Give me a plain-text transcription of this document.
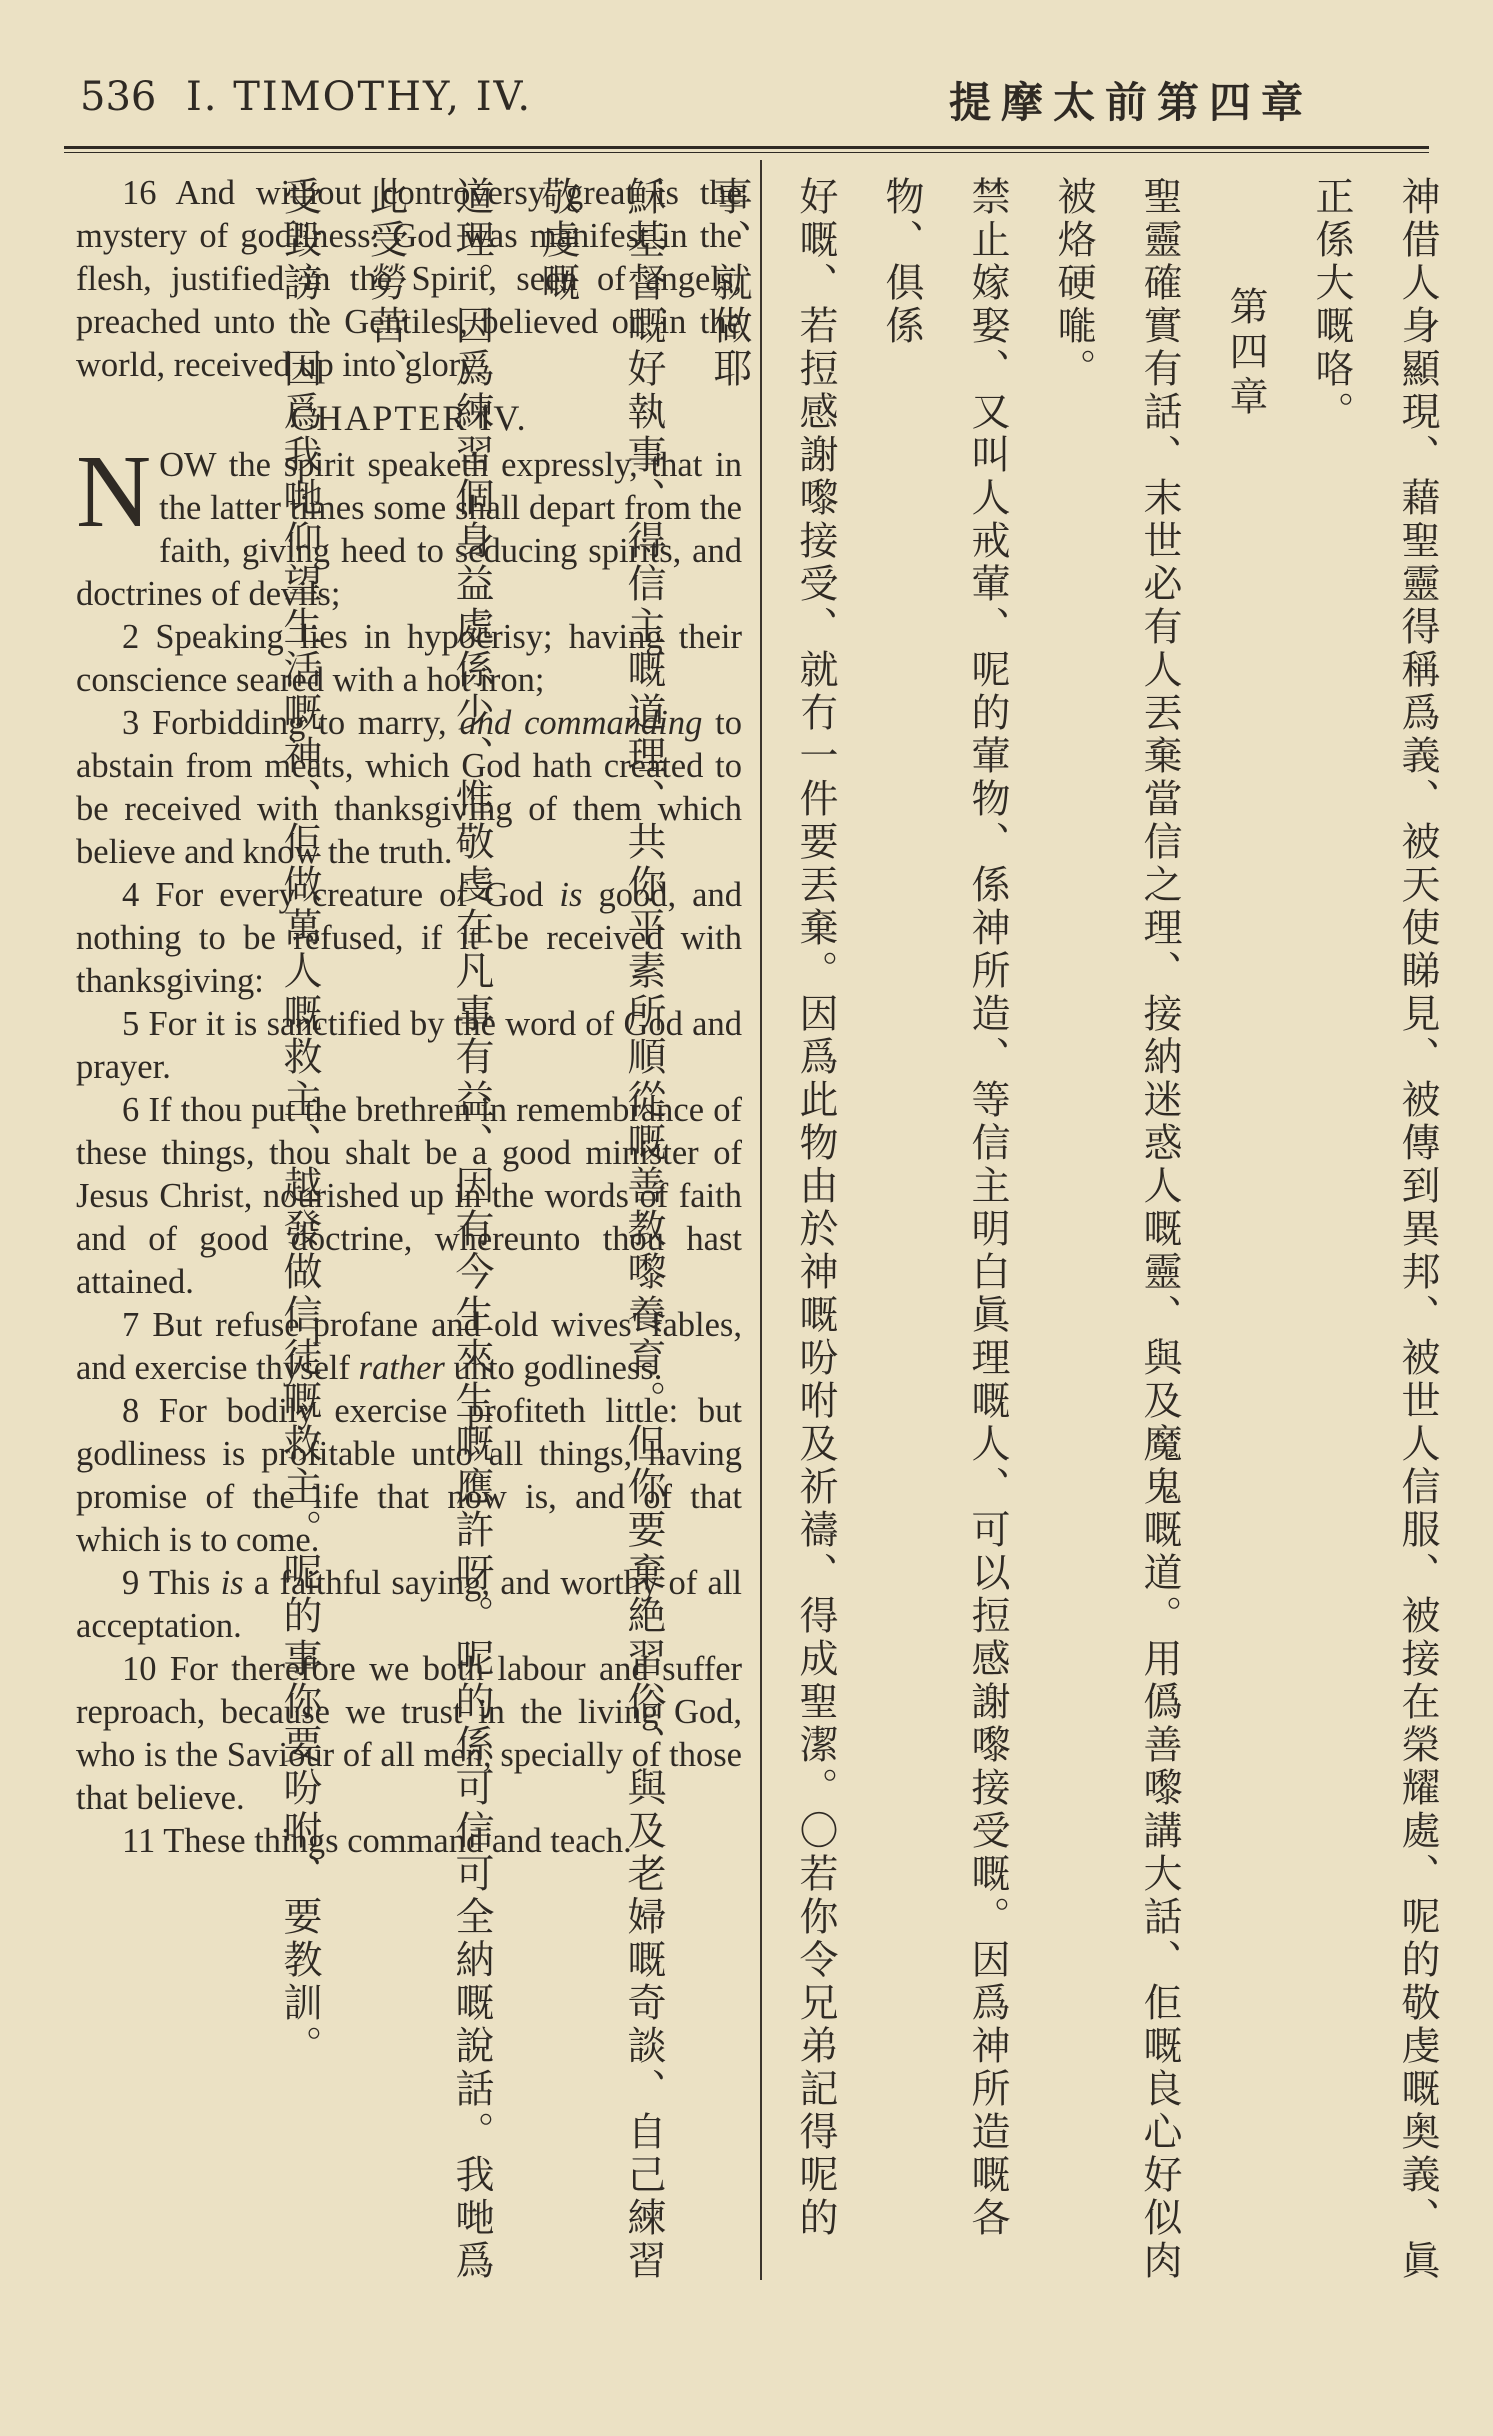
536 I. TIMOTHY, IV.	提摩太前第四章

16 And without controversy great is the mystery of godliness: God was manifest in the flesh, justified in the Spirit, seen of angels, preached unto the Gentiles, believed on in the world, received up into glory.

CHAPTER IV.

NOW the spirit speaketh expressly, that in the latter times some shall depart from the faith, giving heed to seducing spirits, and doctrines of devils;

2 Speaking lies in hypocrisy; having their conscience seared with a hot iron;

3 Forbidding to marry, and commanding to abstain from meats, which God hath created to be received with thanksgiving of them which believe and know the truth.

4 For every creature of God is good, and nothing to be refused, if it be received with thanksgiving:

5 For it is sanctified by the word of God and prayer.

6 If thou put the brethren in remembrance of these things, thou shalt be a good minister of Jesus Christ, nourished up in the words of faith and of good doctrine, whereunto thou hast attained.

7 But refuse profane and old wives' fables, and exercise thyself rather unto godliness.

8 For bodily exercise profiteth little: but godliness is profitable unto all things, having promise of the life that now is, and of that which is to come.

9 This is a faithful saying, and worthy of all acceptation.

10 For therefore we both labour and suffer reproach, because we trust in the living God, who is the Saviour of all men, specially of those that believe.

11 These things command and teach.	神借人身顯現、藉聖靈得稱爲義、被天使睇見、被傳到異邦、被世人信服、被接在榮耀處、呢的敬虔嘅奥義、眞正係大嘅咯。

第四章

聖靈確實有話、末世必有人丟棄當信之理、接納迷惑人嘅靈、與及魔鬼嘅道。用僞善嚟講大話、佢嘅良心好似肉被烙硬𠹌。

禁止嫁娶、又叫人戒葷、呢的葷物、係神所造、等信主明白眞理嘅人、可以𢭃感謝嚟接受嘅。因爲神所造嘅各物、俱係

好嘅、若𢭃感謝嚟接受、就冇一件要丟棄。因爲此物由於神嘅吩咐及祈禱、得成聖潔。〇若你令兄弟記得呢的事、就做耶

穌基督嘅好執事、得信主嘅道理、共你平素所順從嘅善教嚟養育。但你要棄絶習俗、與及老婦嘅奇談、自己練習敬虔嘅

道理。因爲練習個身益處係少、惟敬虔在凡事有益、因有今生來生嘅應許呀。呢的係可信可全納嘅說話。我哋爲此受勞苦、

受毀謗、因爲我哋仰望生活嘅神、佢做萬人嘅救主、越發做信徒嘅救主。呢的事你要吩咐、要教訓。
